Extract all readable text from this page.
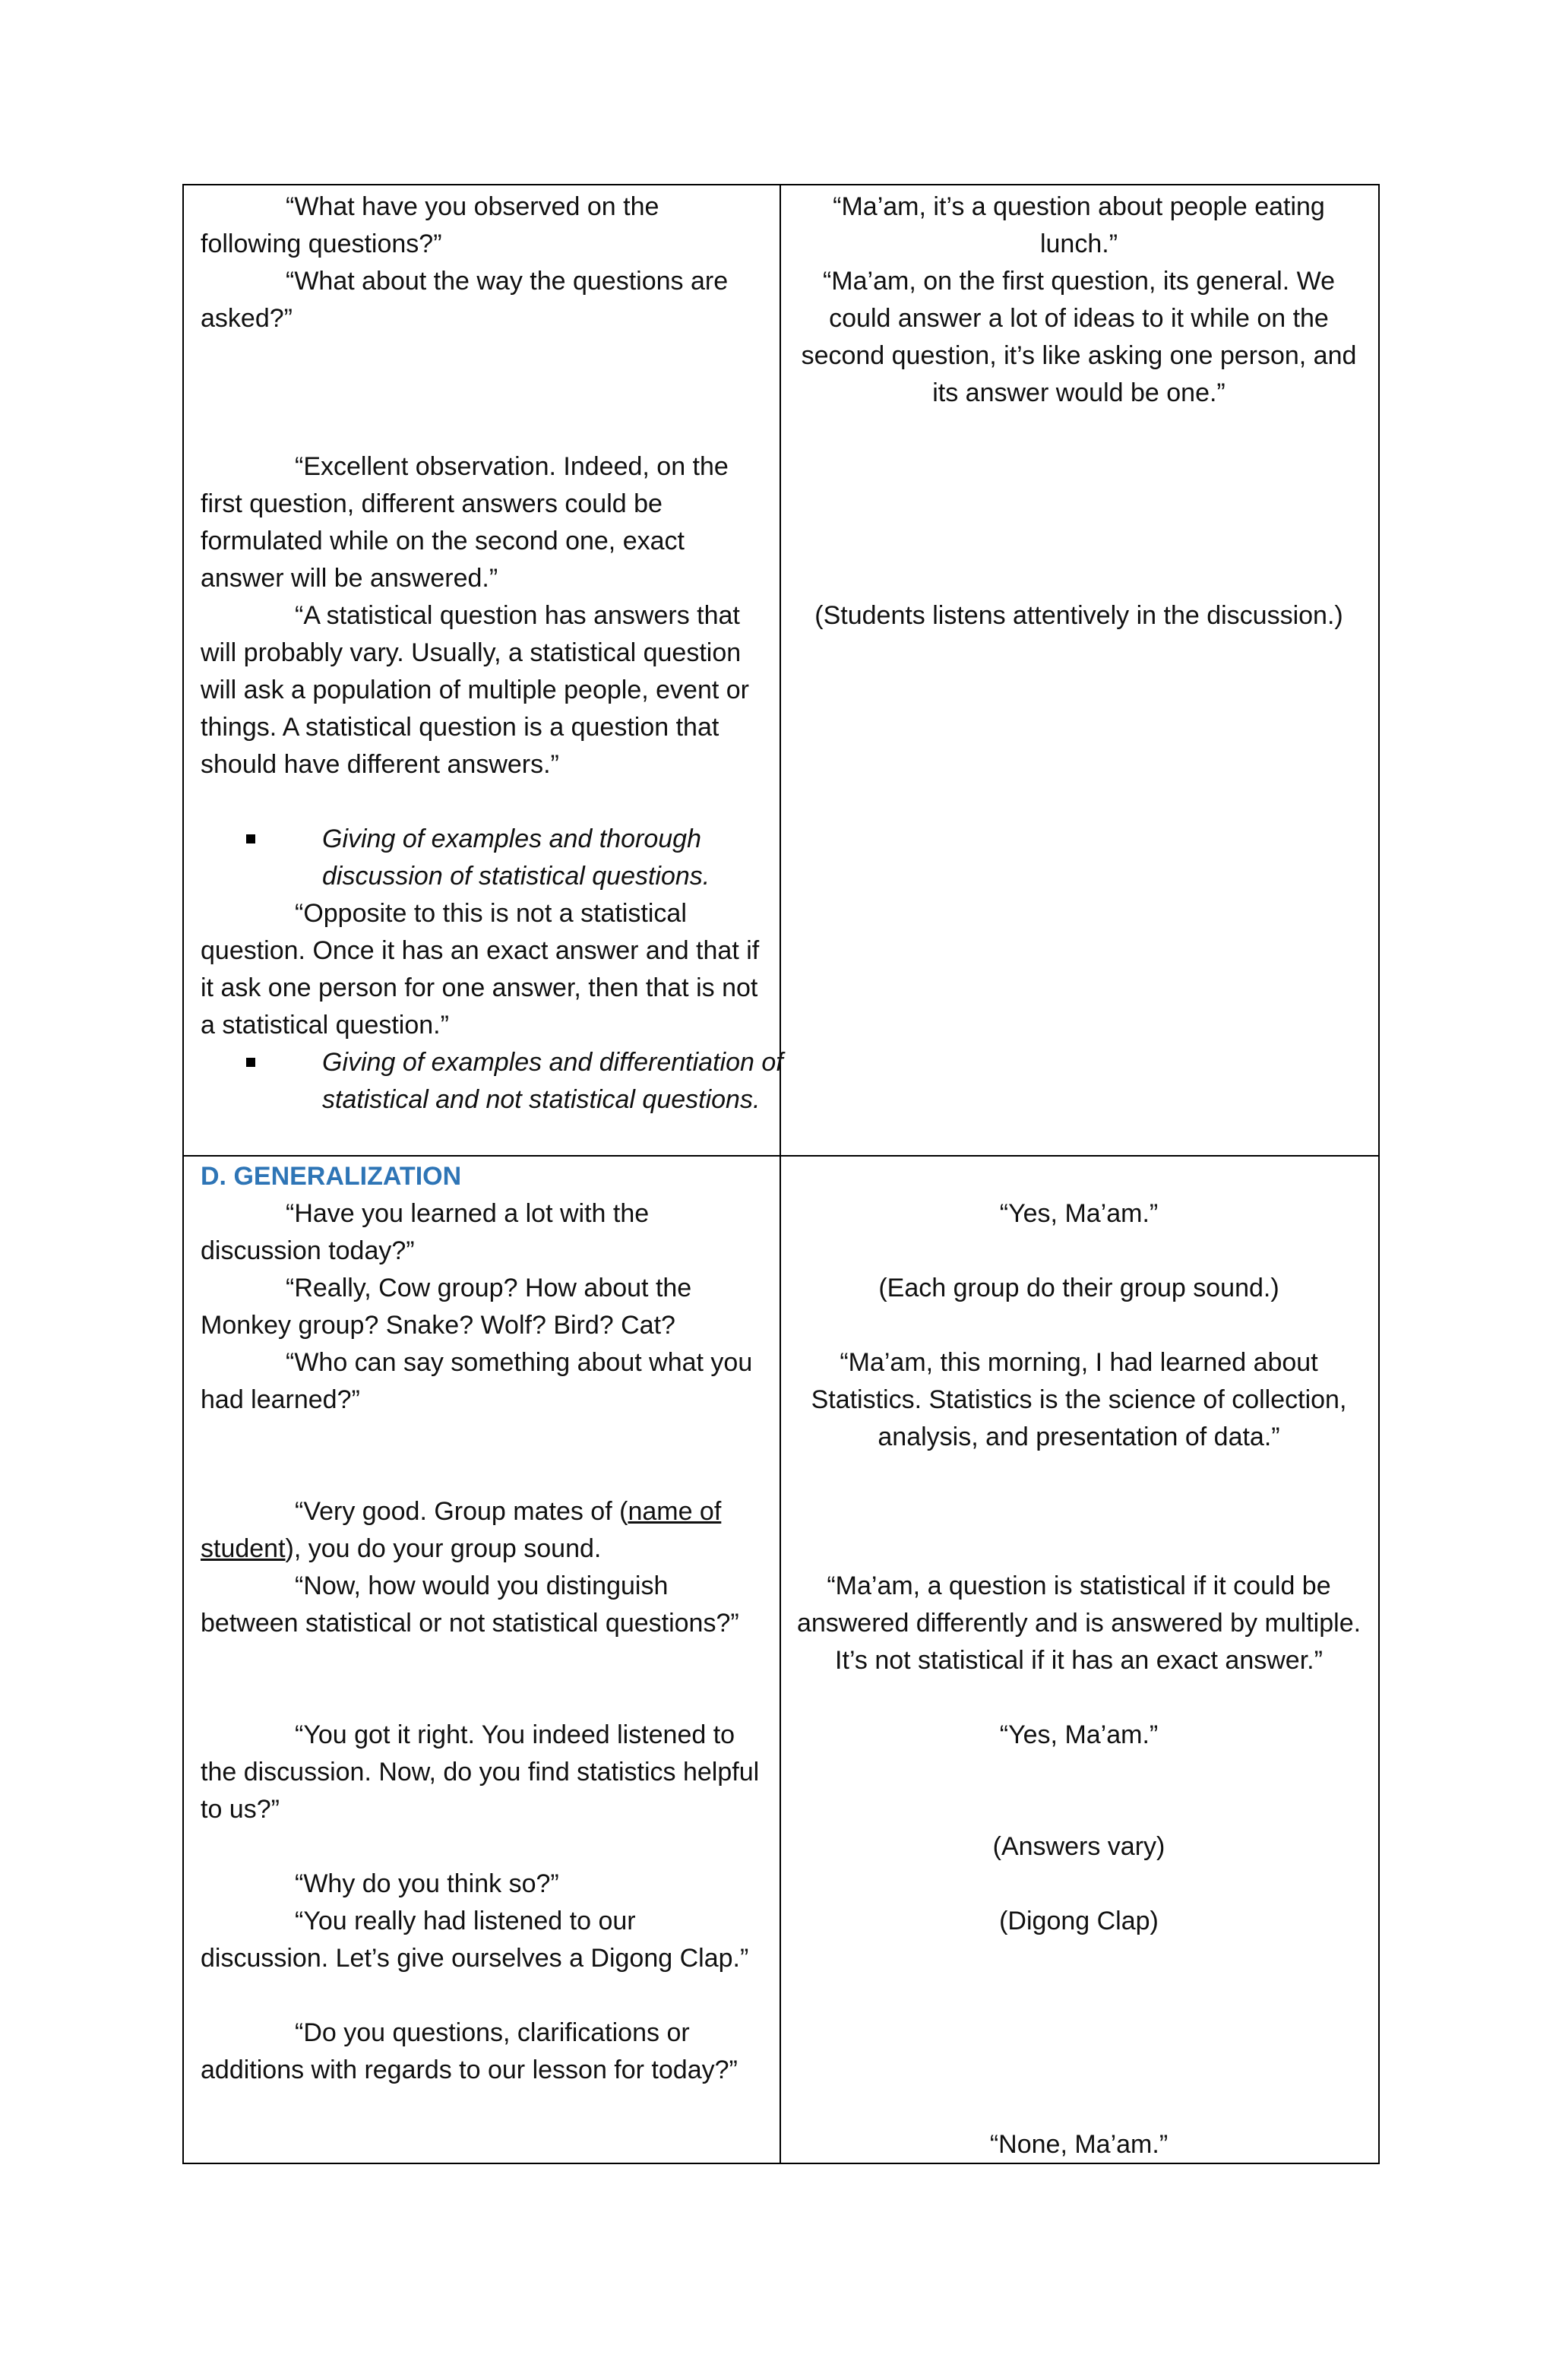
“What have you observed on the following questions?”

“What about the way the questions are asked?”

“Excellent observation. Indeed, on the first question, different answers could be formulated while on the second one, exact answer will be answered.”

“A statistical question has answers that will probably vary. Usually, a statistical question will ask a population of multiple people, event or things. A statistical question is a question that should have different answers.”

Giving of examples and thorough discussion of statistical questions.

“Opposite to this is not a statistical question. Once it has an exact answer and that if it ask one person for one answer, then that is not a statistical question.”

Giving of examples and differentiation of statistical and not statistical questions.

“Ma’am, it’s a question about people eating lunch.”

“Ma’am, on the first question, its general. We could answer a lot of ideas to it while on the second question, it’s like asking one person, and its answer would be one.”

(Students listens attentively in the discussion.)

D. GENERALIZATION

“Have you learned a lot with the discussion today?”

“Really, Cow group? How about the Monkey group? Snake? Wolf? Bird? Cat?

“Who can say something about what you had learned?”

“Very good. Group mates of (name of student), you do your group sound.

“Now, how would you distinguish between statistical or not statistical questions?”

“You got it right. You indeed listened to the discussion. Now, do you find statistics helpful to us?”

“Why do you think so?”

“You really had listened to our discussion. Let’s give ourselves a Digong Clap.”

“Do you questions, clarifications or additions with regards to our lesson for today?”

“Yes, Ma’am.”

(Each group do their group sound.)

“Ma’am, this morning, I had learned about Statistics. Statistics is the science of collection, analysis, and presentation of data.”

“Ma’am, a question is statistical if it could be answered differently and is answered by multiple. It’s not statistical if it has an exact answer.”

“Yes, Ma’am.”

(Answers vary)

(Digong Clap)

“None, Ma’am.”
